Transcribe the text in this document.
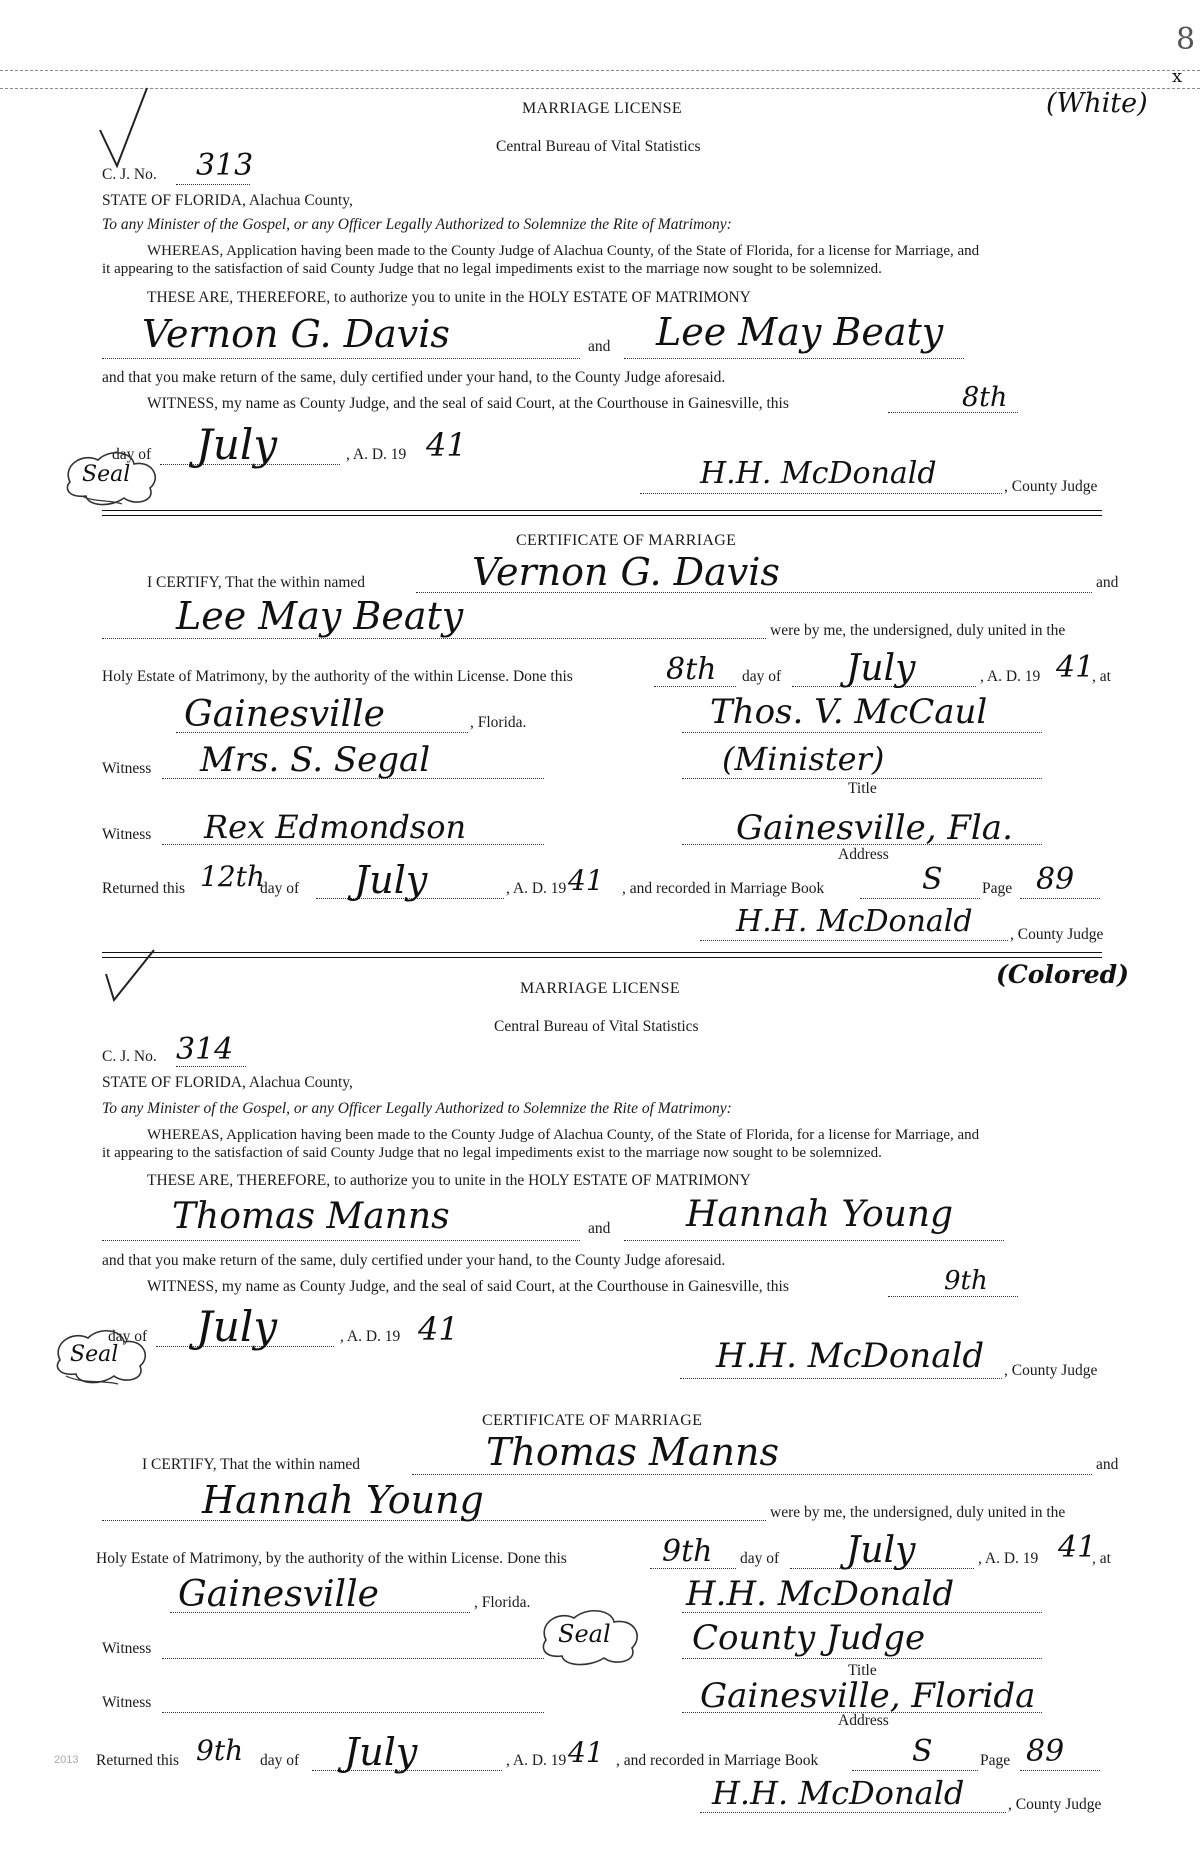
8
x
(White)
MARRIAGE LICENSE
Central Bureau of Vital Statistics
C. J. No. 313
STATE OF FLORIDA, Alachua County,
To any Minister of the Gospel, or any Officer Legally Authorized to Solemnize the Rite of Matrimony:
WHEREAS, Application having been made to the County Judge of Alachua County, of the State of Florida, for a license for Marriage, and
it appearing to the satisfaction of said County Judge that no legal impediments exist to the marriage now sought to be solemnized.
THESE ARE, THEREFORE, to authorize you to unite in the HOLY ESTATE OF MATRIMONY
Vernon G. Davis	and Lee May Beaty
and that you make return of the same, duly certified under your hand, to the County Judge aforesaid.
WITNESS, my name as County Judge, and the seal of said Court, at the Courthouse in Gainesville, this	8th
day of July	, A. D. 19 41
Seal	H.H. McDonald	, County Judge
CERTIFICATE OF MARRIAGE
I CERTIFY, That the within named	Vernon G. Davis	and
Lee May Beaty	were by me, the undersigned, duly united in the
Holy Estate of Matrimony, by the authority of the within License. Done this	8th day of July	, A. D. 19 41
, at
Gainesville	, Florida.	Thos. V. McCaul
Witness Mrs. S. Segal	(Minister)
Title
Witness Rex Edmondson	Gainesville, Fla.
Address
Returned this 12th
day of July	, A. D. 19 41 , and recorded in Marriage Book	S	Page 89
H.H. McDonald , County Judge
MARRIAGE LICENSE	(Colored)
Central Bureau of Vital Statistics
C. J. No. 314
STATE OF FLORIDA, Alachua County,
To any Minister of the Gospel, or any Officer Legally Authorized to Solemnize the Rite of Matrimony:
WHEREAS, Application having been made to the County Judge of Alachua County, of the State of Florida, for a license for Marriage, and
it appearing to the satisfaction of said County Judge that no legal impediments exist to the marriage now sought to be solemnized.
THESE ARE, THEREFORE, to authorize you to unite in the HOLY ESTATE OF MATRIMONY
Thomas Manns	and Hannah Young
and that you make return of the same, duly certified under your hand, to the County Judge aforesaid.
WITNESS, my name as County Judge, and the seal of said Court, at the Courthouse in Gainesville, this	9th
day of July	, A. D. 19 41
Seal	H.H. McDonald , County Judge
CERTIFICATE OF MARRIAGE
I CERTIFY, That the within named	Thomas Manns	and
Hannah Young	were by me, the undersigned, duly united in the
Holy Estate of Matrimony, by the authority of the within License. Done this	9th day of July	, A. D. 19 41
, at
Gainesville	, Florida.	H.H. McDonald
Witness
Seal County Judge
Title
Witness	Gainesville, Florida
Address
2013 Returned this 9th day of July	, A. D. 19 41 , and recorded in Marriage Book	S	Page 89
H.H. McDonald	, County Judge
